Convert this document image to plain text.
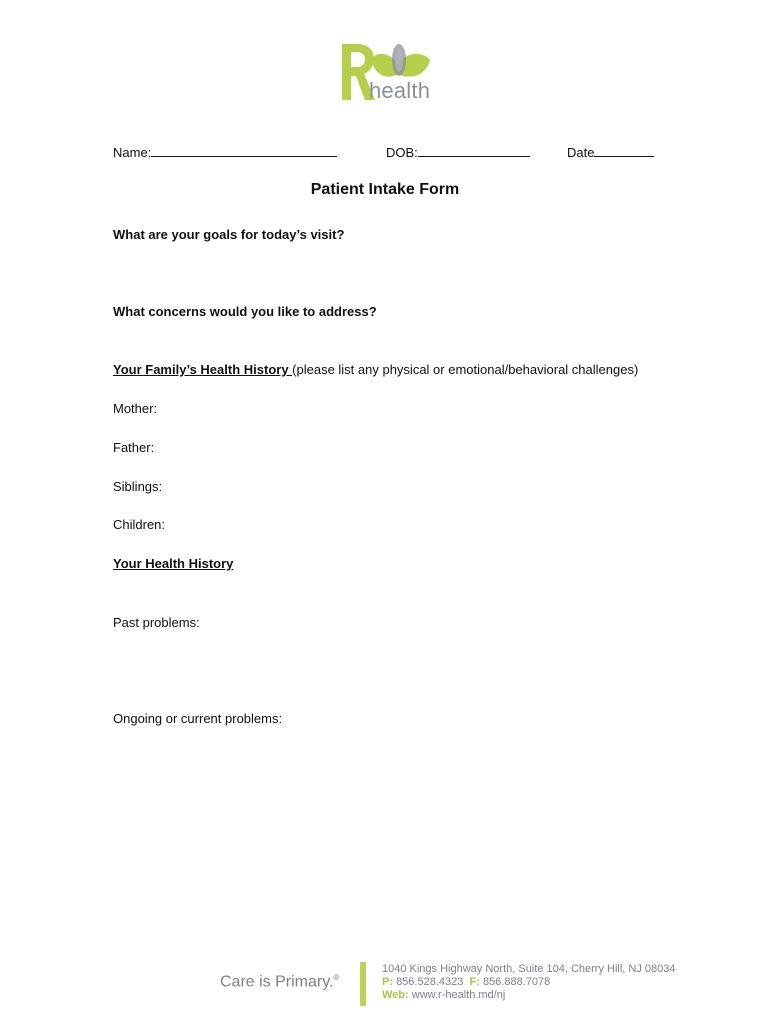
health
Name:	DOB:	Date
Patient Intake Form
What are your goals for today’s visit?
What concerns would you like to address?
Your Family’s Health History (please list any physical or emotional/behavioral challenges)
Mother:
Father:
Siblings:
Children:
Your Health History
Past problems:
Ongoing or current problems:
Care is Primary.®
1040 Kings Highway North, Suite 104, Cherry Hill, NJ 08034
P: 856.528.4323 F: 856.888.7078
Web: www.r-health.md/nj
